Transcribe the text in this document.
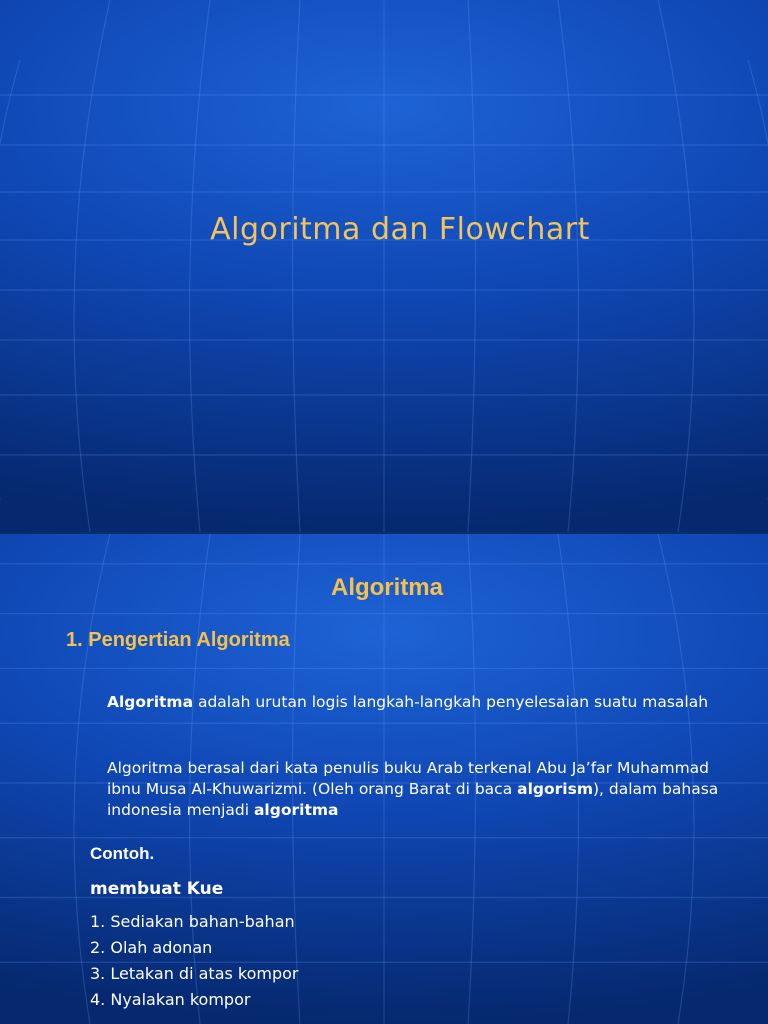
Algoritma dan Flowchart
Algoritma
1. Pengertian Algoritma
Algoritma adalah urutan logis langkah-langkah penyelesaian suatu masalah
Algoritma berasal dari kata penulis buku Arab terkenal Abu Ja’far Muhammad ibnu Musa Al-Khuwarizmi. (Oleh orang Barat di baca algorism), dalam bahasa indonesia menjadi algoritma
Contoh.
membuat Kue
1. Sediakan bahan-bahan
2. Olah adonan
3. Letakan di atas kompor
4. Nyalakan kompor
